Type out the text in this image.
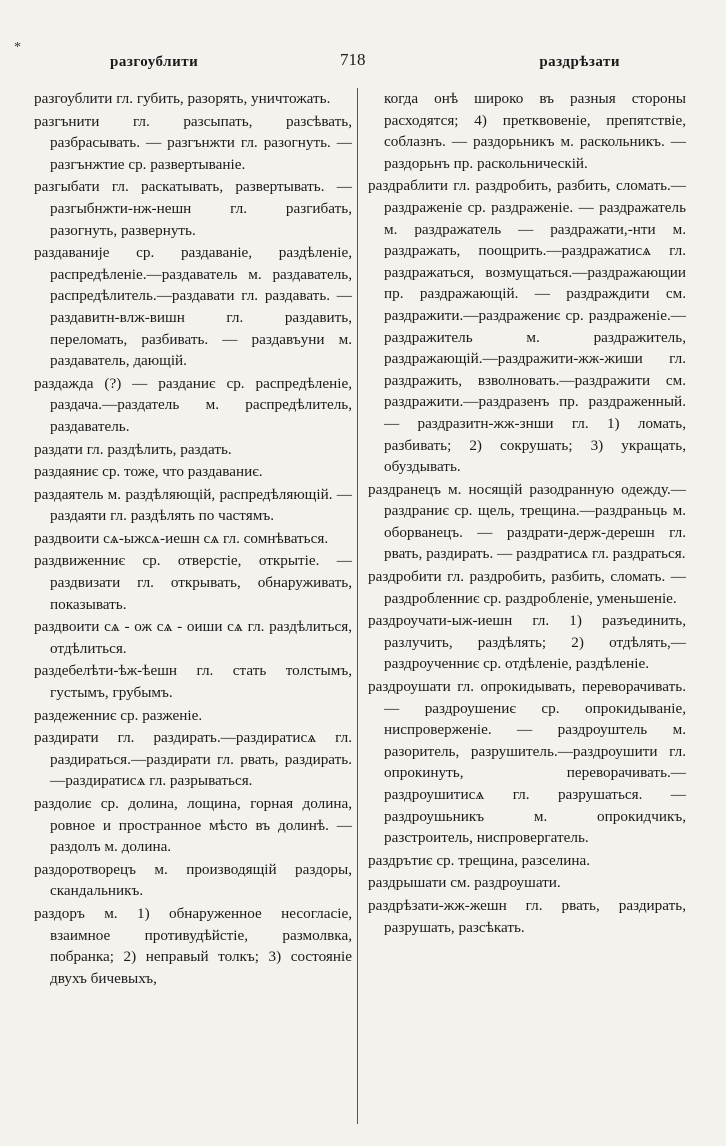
*
разгоублити	718	раздрѣзати

разгоублити гл. губить, разорять, уничтожать.

разгънити гл. разсыпать, разсѣвать, разбрасывать. — разгънжти гл. разогнуть. — разгънжтие ср. развертываніе.

разгыбати гл. раскатывать, развертывать. — разгыбнжти-нж-нешн гл. разгибать, разогнуть, развернуть.

раздаваније ср. раздаваніе, раздѣленіе, распредѣленіе.—раздаватель м. раздаватель, распредѣлитель.—раздавати гл. раздавать. — раздавитн-влж-вишн гл. раздавить, переломать, разбивать. — раздавъуни м. раздаватель, дающій.

раздажда (?) — разданиє ср. распредѣленіе, раздача.—раздатель м. распредѣлитель, раздаватель.

раздати гл. раздѣлить, раздать.

раздаяниє ср. тоже, что раздаваниє.

раздаятель м. раздѣляющій, распредѣляющій. — раздаяти гл. раздѣлять по частямъ.

раздвоити сѧ-ыжсѧ-иешн сѧ гл. сомнѣваться.

раздвиженниє ср. отверстіе, открытіе. —раздвизати гл. открывать, обнаруживать, показывать.

раздвоити сѧ - ож сѧ - оиши сѧ гл. раздѣлиться, отдѣлиться.

раздебелѣти-ѣж-ѣешн гл. стать толстымъ, густымъ, грубымъ.

раздеженниє ср. разженіе.

раздирати гл. раздирать.—раздиратисѧ гл. раздираться.—раздирати гл. рвать, раздирать.—раздиратисѧ гл. разрываться.

раздолиє ср. долина, лощина, горная долина, ровное и пространное мѣсто въ долинѣ. — раздолъ м. долина.

раздоротворецъ м. производящій раздоры, скандальникъ.

раздоръ м. 1) обнаруженное несогласіе, взаимное противудѣйстіе, размолвка, побранка; 2) неправый толкъ; 3) состояніе двухъ бичевыхъ,

когда онѣ широко въ разныя стороны расходятся; 4) претквовеніе, препятствіе, соблазнъ. — раздорьникъ м. раскольникъ. — раздорьнъ пр. раскольническій.

раздраблити гл. раздробить, разбить, сломать.—раздраженіе ср. раздраженіе. — раздражатель м. раздражатель — раздражати,-нти м. раздражать, поощрить.—раздражатисѧ гл. раздражаться, возмущаться.—раздражающии пр. раздражающій. — раздраждити см. раздражити.—раздражениє ср. раздраженіе.—раздражитель м. раздражитель, раздражающій.—раздражити-жж-жиши гл. раздражить, взволновать.—раздражити см. раздражити.—раздразенъ пр. раздраженный. — раздразитн-жж-знши гл. 1) ломать, разбивать; 2) сокрушать; 3) укращать, обуздывать.

раздранецъ м. носящій разодранную одежду.—раздраниє ср. щель, трещина.—раздраньць м. оборванецъ. — раздрати-держ-дерешн гл. рвать, раздирать. — раздратисѧ гл. раздраться.

раздробити гл. раздробить, разбить, сломать. — раздробленниє ср. раздробленіе, уменьшеніе.

раздроучати-ыж-иешн гл. 1) разъединить, разлучить, раздѣлять; 2) отдѣлять,—раздроученниє ср. отдѣленіе, раздѣленіе.

раздроушати гл. опрокидывать, переворачивать. — раздроушениє ср. опрокидываніе, ниспроверженіе. — раздроуштель м. разоритель, разрушитель.—раздроушити гл. опрокинуть, переворачивать.—раздроушитисѧ гл. разрушаться. — раздроушьникъ м. опрокидчикъ, разстроитель, ниспровергатель.

раздрътиє ср. трещина, разселина.

раздрышати см. раздроушати.

раздрѣзати-жж-жешн гл. рвать, раздирать, разрушать, разсѣкать.
